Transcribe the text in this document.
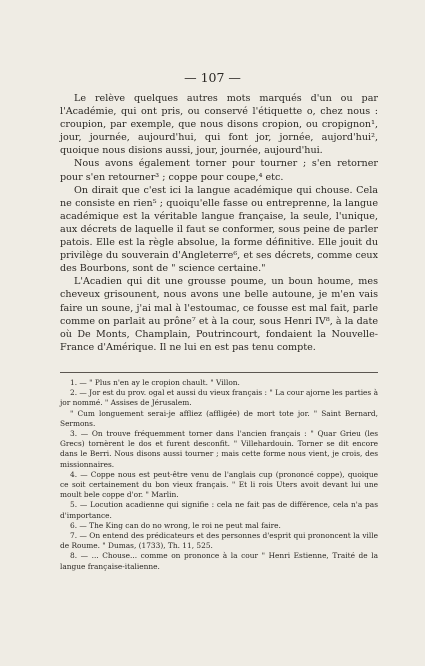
— 107 —

Le relève quelques autres mots marqués d'un ou par l'Académie, qui ont pris, ou conservé l'étiquette o, chez nous : croupion, par exemple, que nous disons cropion, ou cropignon¹, jour, journée, aujourd'hui, qui font jor, jornée, aujord'hui², quoique nous disions aussi, jour, journée, aujourd'hui.

Nous avons également torner pour tourner ; s'en retorner pour s'en retourner³ ; coppe pour coupe,⁴ etc.

On dirait que c'est ici la langue académique qui chouse. Cela ne consiste en rien⁵ ; quoiqu'elle fasse ou entreprenne, la langue académique est la véritable langue française, la seule, l'unique, aux décrets de laquelle il faut se conformer, sous peine de parler patois. Elle est la règle absolue, la forme définitive. Elle jouit du privilège du souverain d'Angleterre⁶, et ses décrets, comme ceux des Bourbons, sont de " science certaine."

L'Acadien qui dit une grousse poume, un boun houme, mes cheveux grisounent, nous avons une belle autoune, je m'en vais faire un soune, j'ai mal à l'estoumac, ce fousse est mal fait, parle comme on parlait au prône⁷ et à la cour, sous Henri IV⁸, à la date où De Monts, Champlain, Poutrincourt, fondaient la Nouvelle-France d'Amérique. Il ne lui en est pas tenu compte.

1. — " Plus n'en ay le cropion chault. " Villon.

2. — Jor est du prov. ogal et aussi du vieux français : " La cour ajorne les parties à jor nommé. " Assises de Jérusalem.

" Cum longuement serai-je affliez (affligée) de mort tote jor. " Saint Bernard, Sermons.

3. — On trouve fréquemment torner dans l'ancien français : " Quar Grieu (les Grecs) tornèrent le dos et furent desconfit. " Villehardouin. Torner se dit encore dans le Berri. Nous disons aussi tourner ; mais cette forme nous vient, je crois, des missionnaires.

4. — Coppe nous est peut-être venu de l'anglais cup (prononcé coppe), quoique ce soit certainement du bon vieux français. " Et li rois Uters avoit devant lui une moult bele coppe d'or. " Marlin.

5. — Locution acadienne qui signifie : cela ne fait pas de différence, cela n'a pas d'importance.

6. — The King can do no wrong, le roi ne peut mal faire.

7. — On entend des prédicateurs et des personnes d'esprit qui prononcent la ville de Roume. " Dumas, (1733), Th. 11, 525.

8. — ... Chouse... comme on prononce à la cour " Henri Estienne, Traité de la langue française-italienne.
